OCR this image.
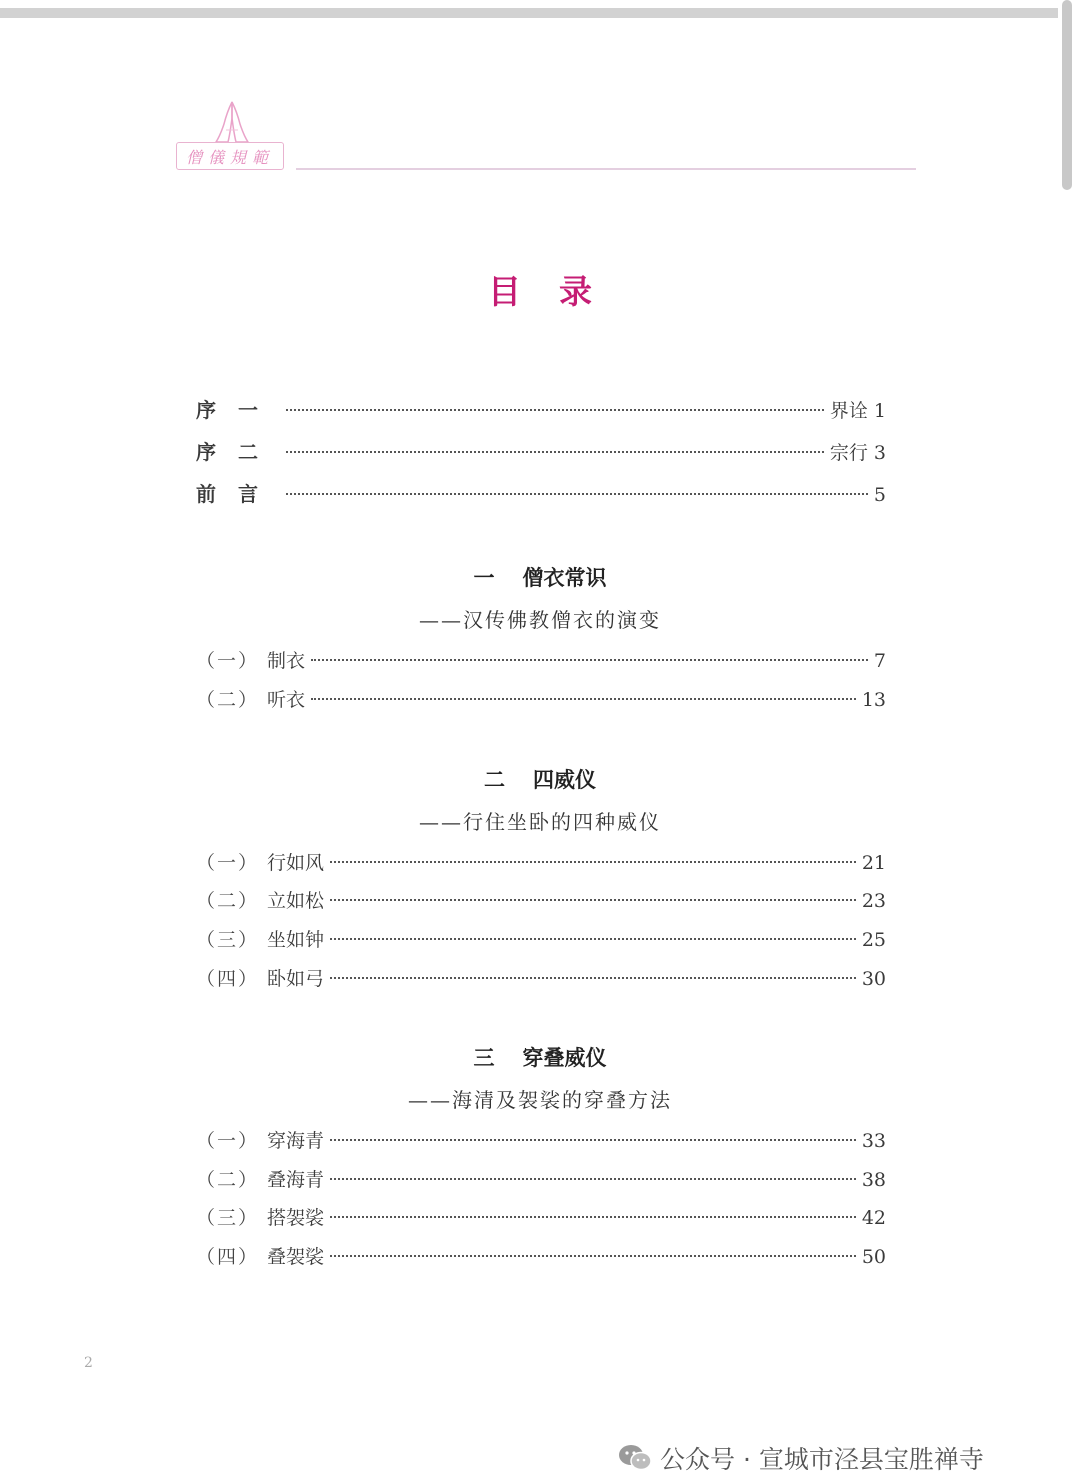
僧儀規範
目录
序一	界诠 1
序二	宗行 3
前言	5
一 僧衣常识
——汉传佛教僧衣的演变
（一） 制衣	7
（二） 听衣	13
二 四威仪
——行住坐卧的四种威仪
（一） 行如风	21
（二） 立如松	23
（三） 坐如钟	25
（四） 卧如弓	30
三 穿叠威仪
——海清及袈裟的穿叠方法
（一） 穿海青	33
（二） 叠海青	38
（三） 搭袈裟	42
（四） 叠袈裟	50
2
公众号 · 宣城市泾县宝胜禅寺
